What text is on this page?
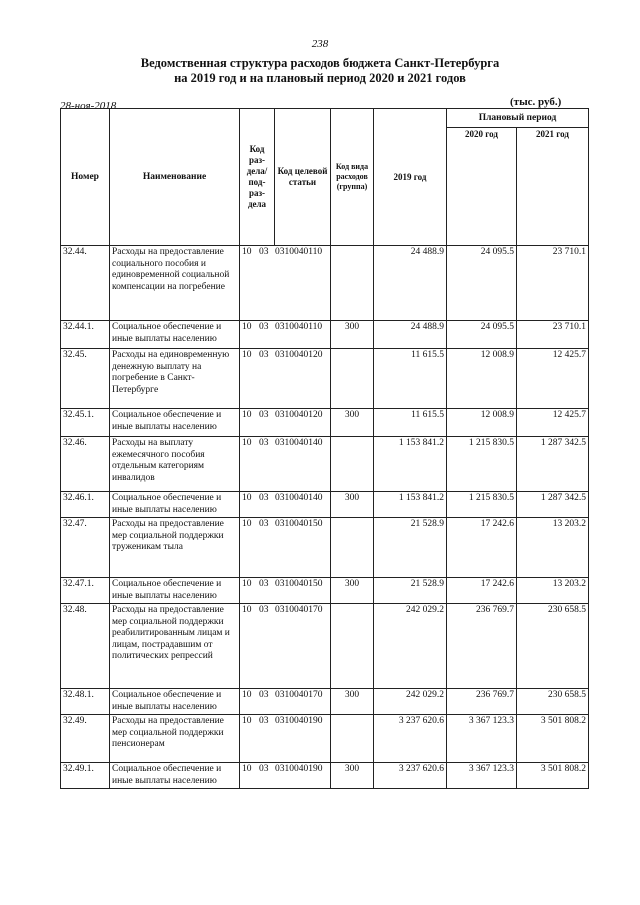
238
Ведомственная структура расходов бюджета Санкт-Петербурга
на 2019 год и на плановый период 2020 и 2021 годов
28-ноя-2018	(тыс. руб.)
Номер	Наименование	Код раз-дела/под-раз-дела	Код целевой статьи	Код вида расходов (группа)	2019 год	Плановый период	
						2020 год	2021 год
32.44.	Расходы на предоставление социального пособия и единовременной социальной компенсации на погребение	10 03 0310040110			24 488.9	24 095.5	23 710.1
32.44.1.	Социальное обеспечение и иные выплаты населению	10 03 0310040110		300	24 488.9	24 095.5	23 710.1
32.45.	Расходы на единовременную денежную выплату на погребение в Санкт-Петербурге	10 03 0310040120			11 615.5	12 008.9	12 425.7
32.45.1.	Социальное обеспечение и иные выплаты населению	10 03 0310040120		300	11 615.5	12 008.9	12 425.7
32.46.	Расходы на выплату ежемесячного пособия отдельным категориям инвалидов	10 03 0310040140			1 153 841.2	1 215 830.5	1 287 342.5
32.46.1.	Социальное обеспечение и иные выплаты населению	10 03 0310040140		300	1 153 841.2	1 215 830.5	1 287 342.5
32.47.	Расходы на предоставление мер социальной поддержки труженикам тыла	10 03 0310040150			21 528.9	17 242.6	13 203.2
32.47.1.	Социальное обеспечение и иные выплаты населению	10 03 0310040150		300	21 528.9	17 242.6	13 203.2
32.48.	Расходы на предоставление мер социальной поддержки реабилитированным лицам и лицам, пострадавшим от политических репрессий	10 03 0310040170			242 029.2	236 769.7	230 658.5
32.48.1.	Социальное обеспечение и иные выплаты населению	10 03 0310040170		300	242 029.2	236 769.7	230 658.5
32.49.	Расходы на предоставление мер социальной поддержки пенсионерам	10 03 0310040190			3 237 620.6	3 367 123.3	3 501 808.2
32.49.1.	Социальное обеспечение и иные выплаты населению	10 03 0310040190		300	3 237 620.6	3 367 123.3	3 501 808.2
